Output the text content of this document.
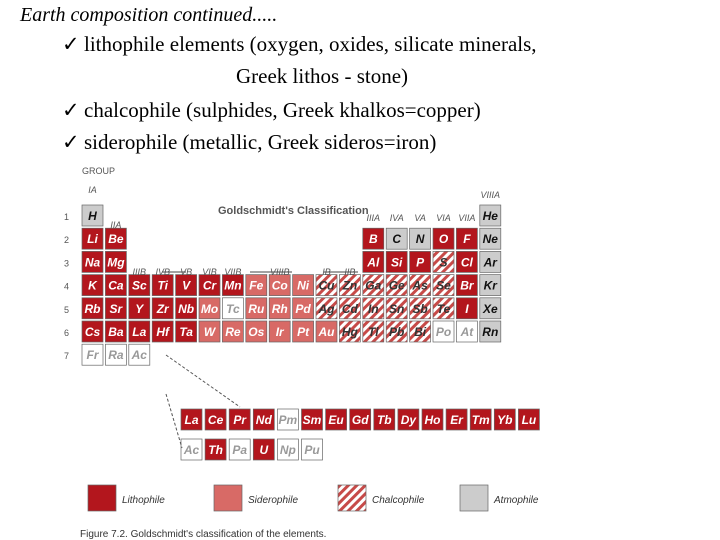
Earth composition continued.....
✓ lithophile elements (oxygen, oxides, silicate minerals,
Greek lithos - stone)
✓ chalcophile (sulphides, Greek khalkos=copper)
✓ siderophile (metallic, Greek sideros=iron)
GROUP
Goldschmidt's Classification
H	He
Li Be	B C N O F Ne
Na Mg	Al Si P S Cl Ar
K Ca Sc Ti V Cr Mn Fe Co Ni Cu Zn Ga Ge As Se Br Kr
Rb Sr Y Zr Nb Mo Tc Ru Rh Pd Ag Cd In Sn Sb Te I Xe
Cs Ba La Hf Ta W Re Os Ir Pt Au Hg Tl Pb Bi Po At Rn
Fr Ra Ac
1
2
3
4
5
6
7
IA
IIA
IIIB IVB VB VIB VIIB	VIIIB	IB IIB
IIIA IVA VA VIA VIIA
VIIIA
La Ce Pr Nd Pm Sm Eu Gd Tb Dy Ho Er Tm Yb Lu
Ac Th Pa U Np Pu
Lithophile	Siderophile	Chalcophile	Atmophile
Figure 7.2. Goldschmidt's classification of the elements.
